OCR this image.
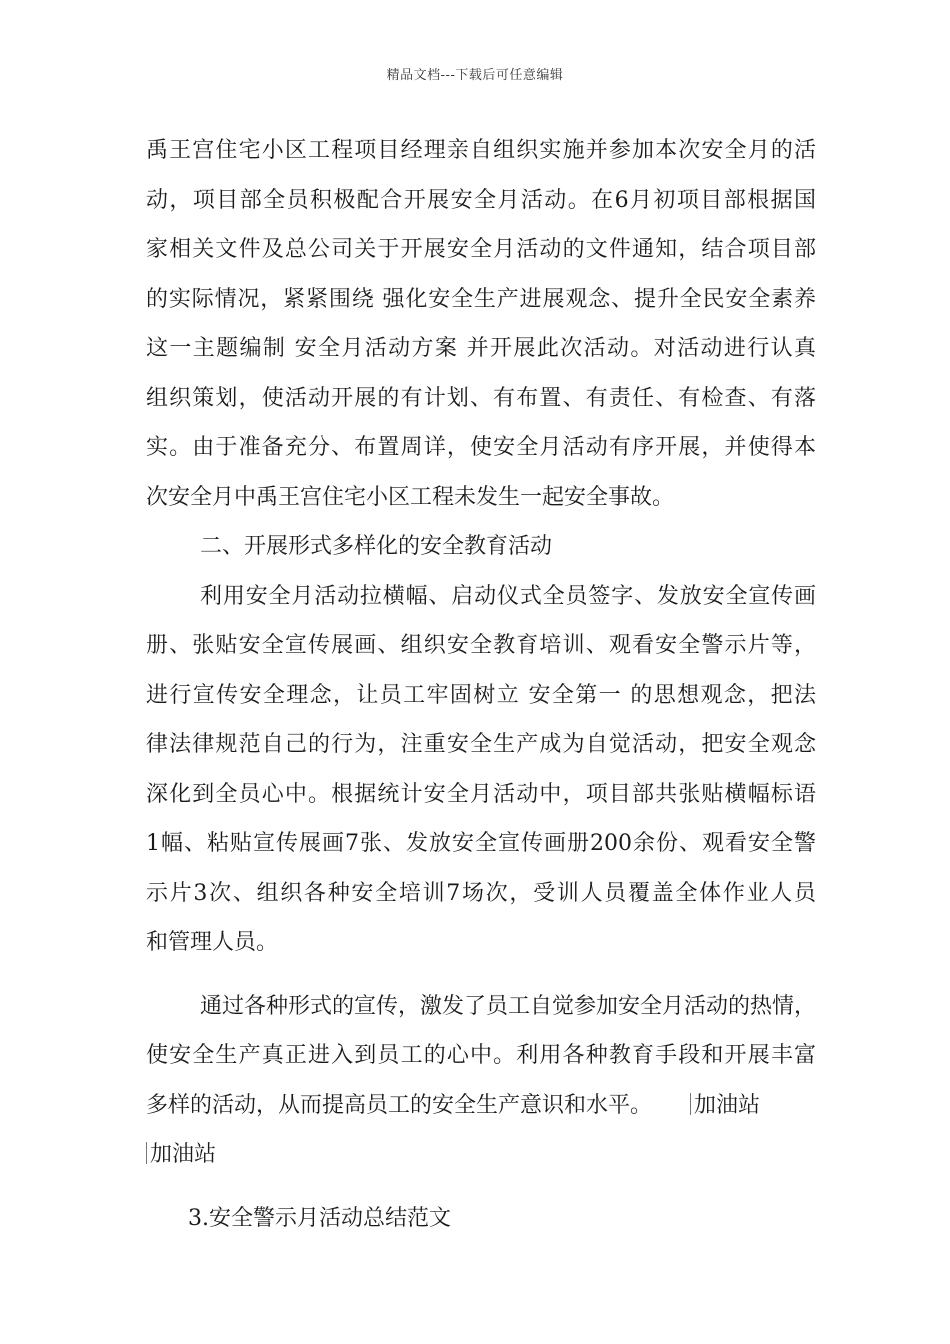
精品文档---下载后可任意编辑
禹王宫住宅小区工程项目经理亲自组织实施并参加本次安全月的活
动，项目部全员积极配合开展安全月活动。在6月初项目部根据国
家相关文件及总公司关于开展安全月活动的文件通知，结合项目部
的实际情况，紧紧围绕 强化安全生产进展观念、提升全民安全素养
这一主题编制 安全月活动方案 并开展此次活动。对活动进行认真
组织策划，使活动开展的有计划、有布置、有责任、有检查、有落
实。由于准备充分、布置周详，使安全月活动有序开展，并使得本
次安全月中禹王宫住宅小区工程未发生一起安全事故。
二、开展形式多样化的安全教育活动
利用安全月活动拉横幅、启动仪式全员签字、发放安全宣传画
册、张贴安全宣传展画、组织安全教育培训、观看安全警示片等，
进行宣传安全理念，让员工牢固树立 安全第一 的思想观念，把法
律法律规范自己的行为，注重安全生产成为自觉活动，把安全观念
深化到全员心中。根据统计安全月活动中，项目部共张贴横幅标语
1幅、粘贴宣传展画7张、发放安全宣传画册200余份、观看安全警
示片3次、组织各种安全培训7场次，受训人员覆盖全体作业人员
和管理人员。
通过各种形式的宣传，激发了员工自觉参加安全月活动的热情，
使安全生产真正进入到员工的心中。利用各种教育手段和开展丰富
多样的活动，从而提高员工的安全生产意识和水平。 加油站
加油站
3.安全警示月活动总结范文
